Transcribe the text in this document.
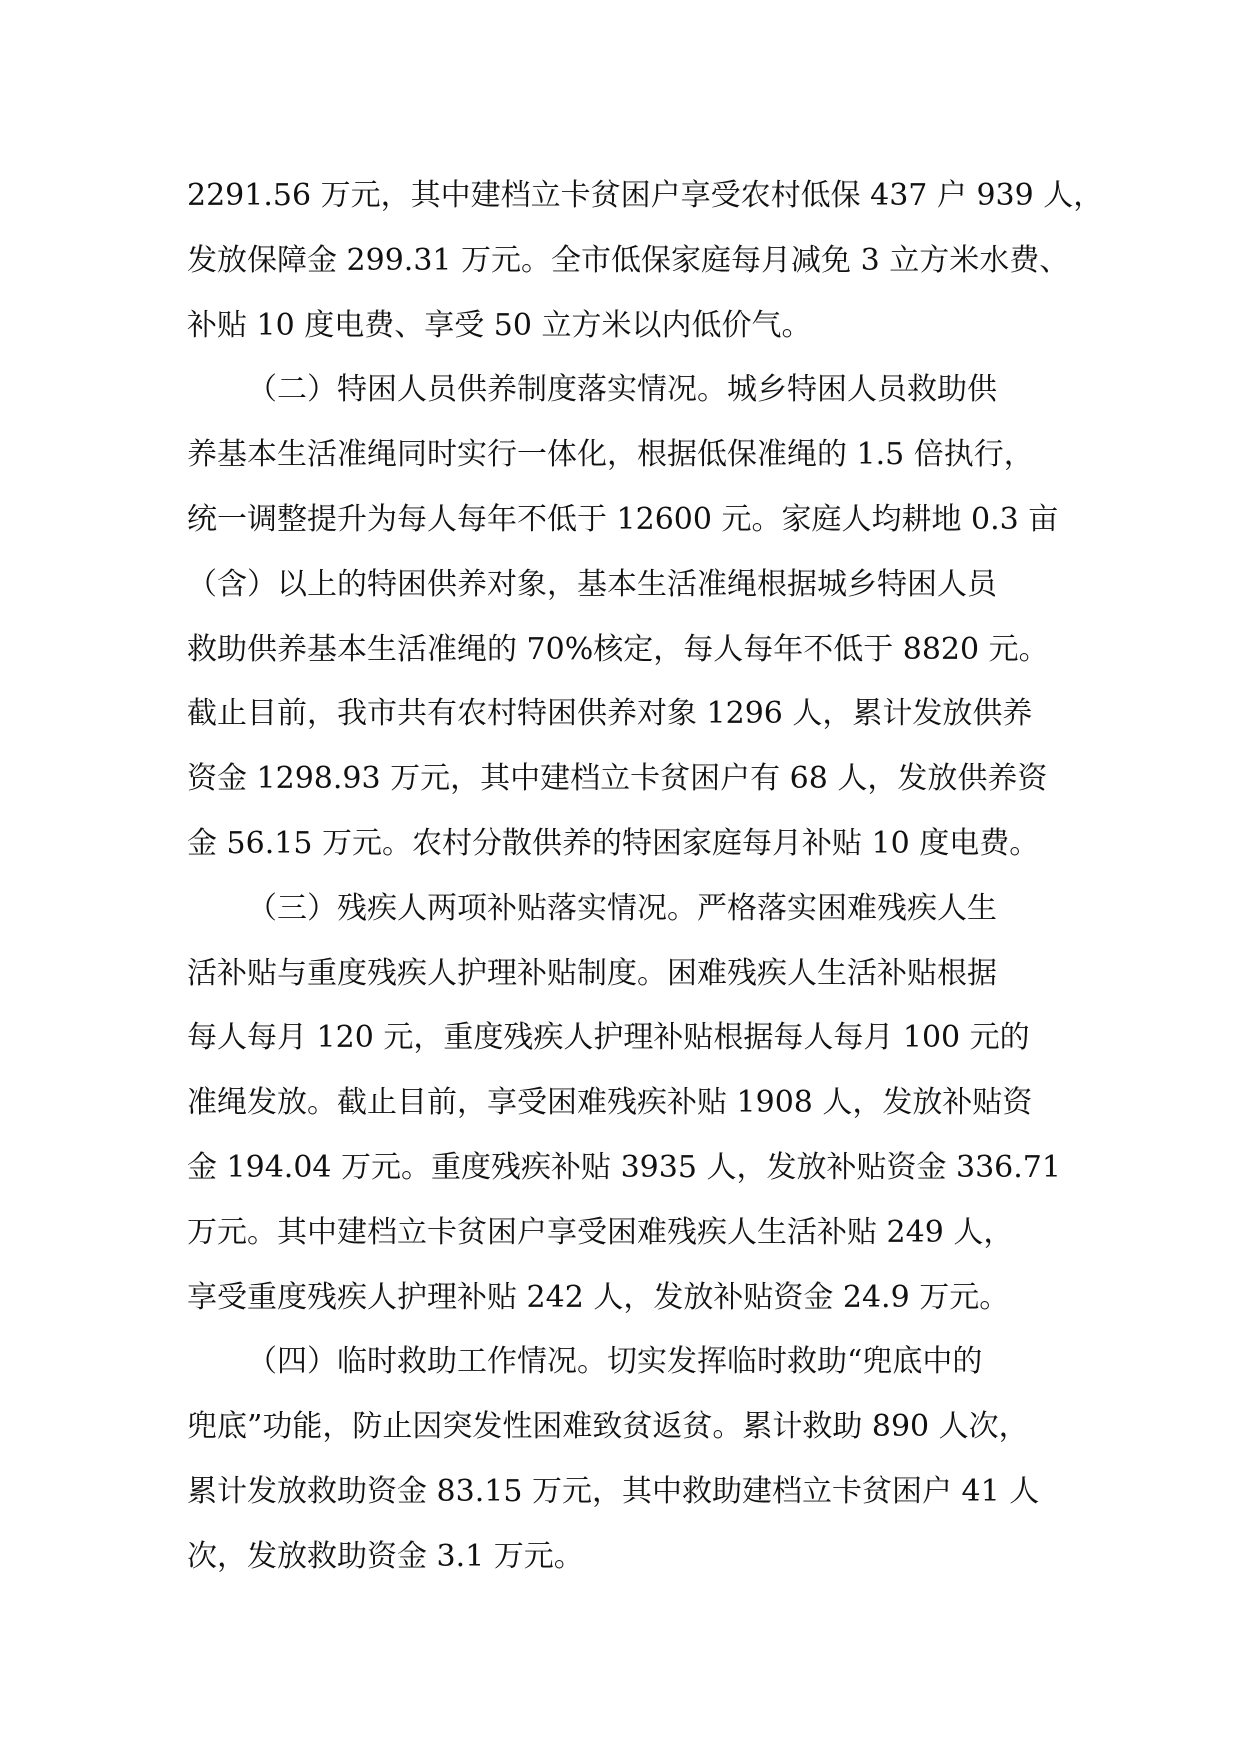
2291.56 万元，其中建档立卡贫困户享受农村低保 437 户 939 人，
发放保障金 299.31 万元。全市低保家庭每月减免 3 立方米水费、
补贴 10 度电费、享受 50 立方米以内低价气。

（二）特困人员供养制度落实情况。城乡特困人员救助供
养基本生活准绳同时实行一体化，根据低保准绳的 1.5 倍执行，
统一调整提升为每人每年不低于 12600 元。家庭人均耕地 0.3 亩
（含）以上的特困供养对象，基本生活准绳根据城乡特困人员
救助供养基本生活准绳的 70%核定，每人每年不低于 8820 元。
截止目前，我市共有农村特困供养对象 1296 人，累计发放供养
资金 1298.93 万元，其中建档立卡贫困户有 68 人，发放供养资
金 56.15 万元。农村分散供养的特困家庭每月补贴 10 度电费。

（三）残疾人两项补贴落实情况。严格落实困难残疾人生
活补贴与重度残疾人护理补贴制度。困难残疾人生活补贴根据
每人每月 120 元，重度残疾人护理补贴根据每人每月 100 元的
准绳发放。截止目前，享受困难残疾补贴 1908 人，发放补贴资
金 194.04 万元。重度残疾补贴 3935 人，发放补贴资金 336.71
万元。其中建档立卡贫困户享受困难残疾人生活补贴 249 人，
享受重度残疾人护理补贴 242 人，发放补贴资金 24.9 万元。

（四）临时救助工作情况。切实发挥临时救助“兜底中的
兜底”功能，防止因突发性困难致贫返贫。累计救助 890 人次，
累计发放救助资金 83.15 万元，其中救助建档立卡贫困户 41 人
次，发放救助资金 3.1 万元。
